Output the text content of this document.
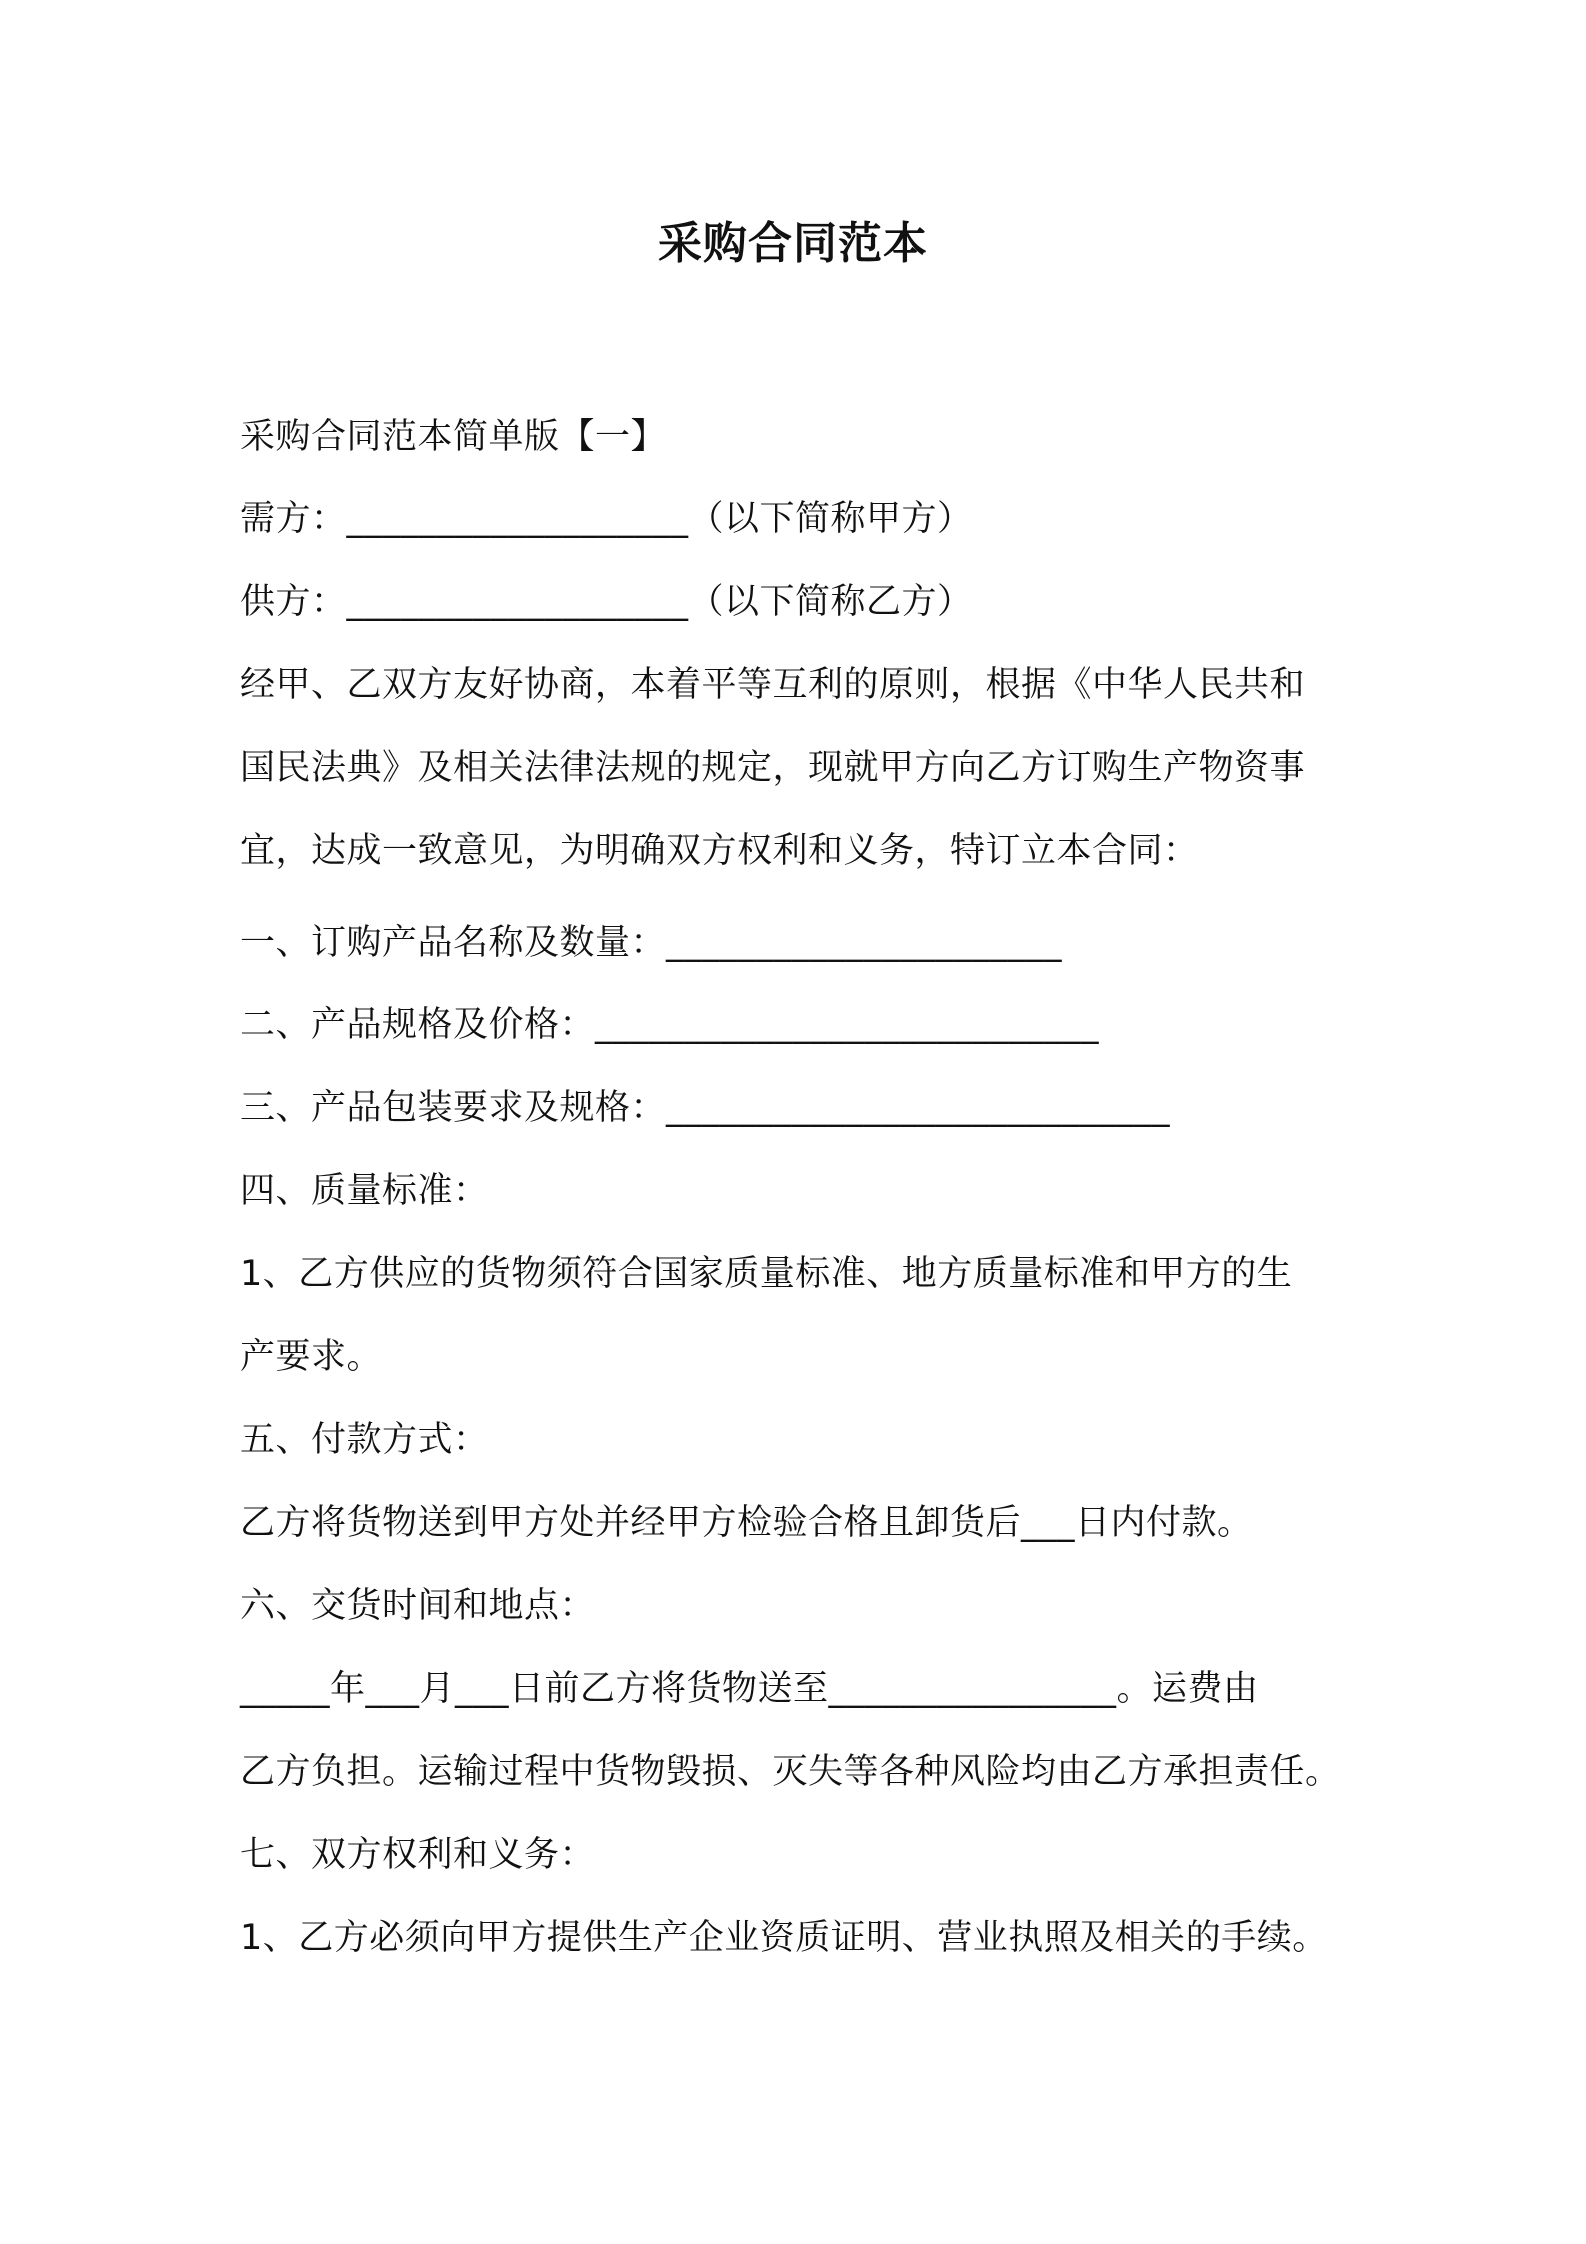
采购合同范本
采购合同范本简单版【一】
需方：___________________（以下简称甲方）
供方：___________________（以下简称乙方）
经甲、乙双方友好协商，本着平等互利的原则，根据《中华人民共和
国民法典》及相关法律法规的规定，现就甲方向乙方订购生产物资事
宜，达成一致意见，为明确双方权利和义务，特订立本合同：
一、订购产品名称及数量：______________________
二、产品规格及价格：____________________________
三、产品包装要求及规格：____________________________
四、质量标准：
1、乙方供应的货物须符合国家质量标准、地方质量标准和甲方的生
产要求。
五、付款方式：
乙方将货物送到甲方处并经甲方检验合格且卸货后___日内付款。
六、交货时间和地点：
_____年___月___日前乙方将货物送至________________。运费由
乙方负担。运输过程中货物毁损、灭失等各种风险均由乙方承担责任。
七、双方权利和义务：
1、乙方必须向甲方提供生产企业资质证明、营业执照及相关的手续。
